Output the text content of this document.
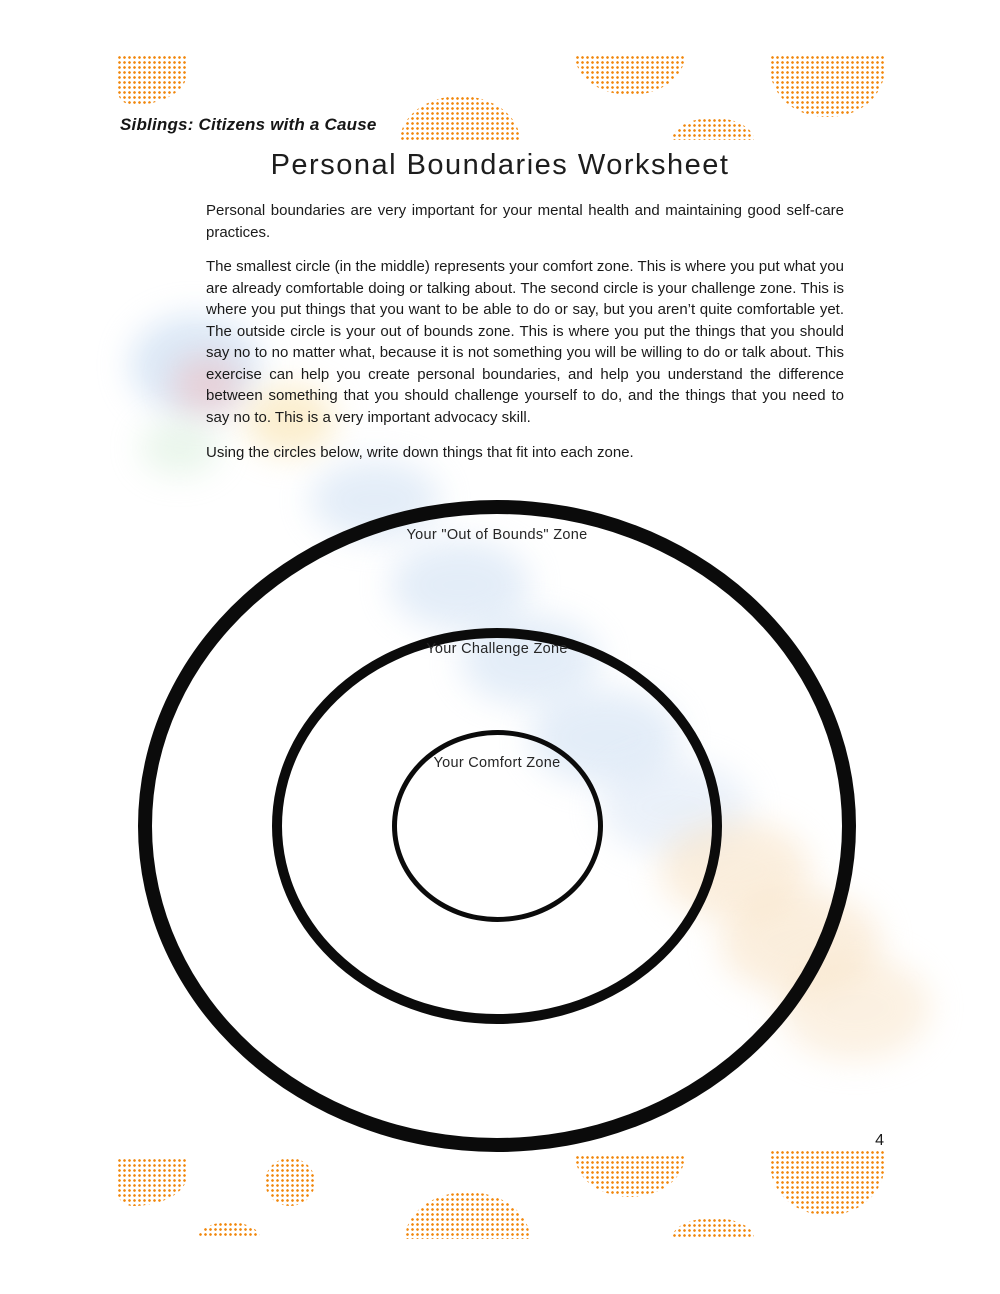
Siblings: Citizens with a Cause
Personal Boundaries Worksheet
Personal boundaries are very important for your mental health and maintaining good self-care practices.
The smallest circle (in the middle) represents your comfort zone. This is where you put what you are already comfortable doing or talking about. The second circle is your challenge zone. This is where you put things that you want to be able to do or say, but you aren’t quite comfortable yet. The outside circle is your out of bounds zone. This is where you put the things that you should say no to no matter what, because it is not something you will be willing to do or talk about. This exercise can help you create personal boundaries, and help you understand the difference between something that you should challenge yourself to do, and the things that you need to say no to. This is a very important advocacy skill.
Using the circles below, write down things that fit into each zone.
Your "Out of Bounds" Zone
Your Challenge Zone
Your Comfort Zone
4
